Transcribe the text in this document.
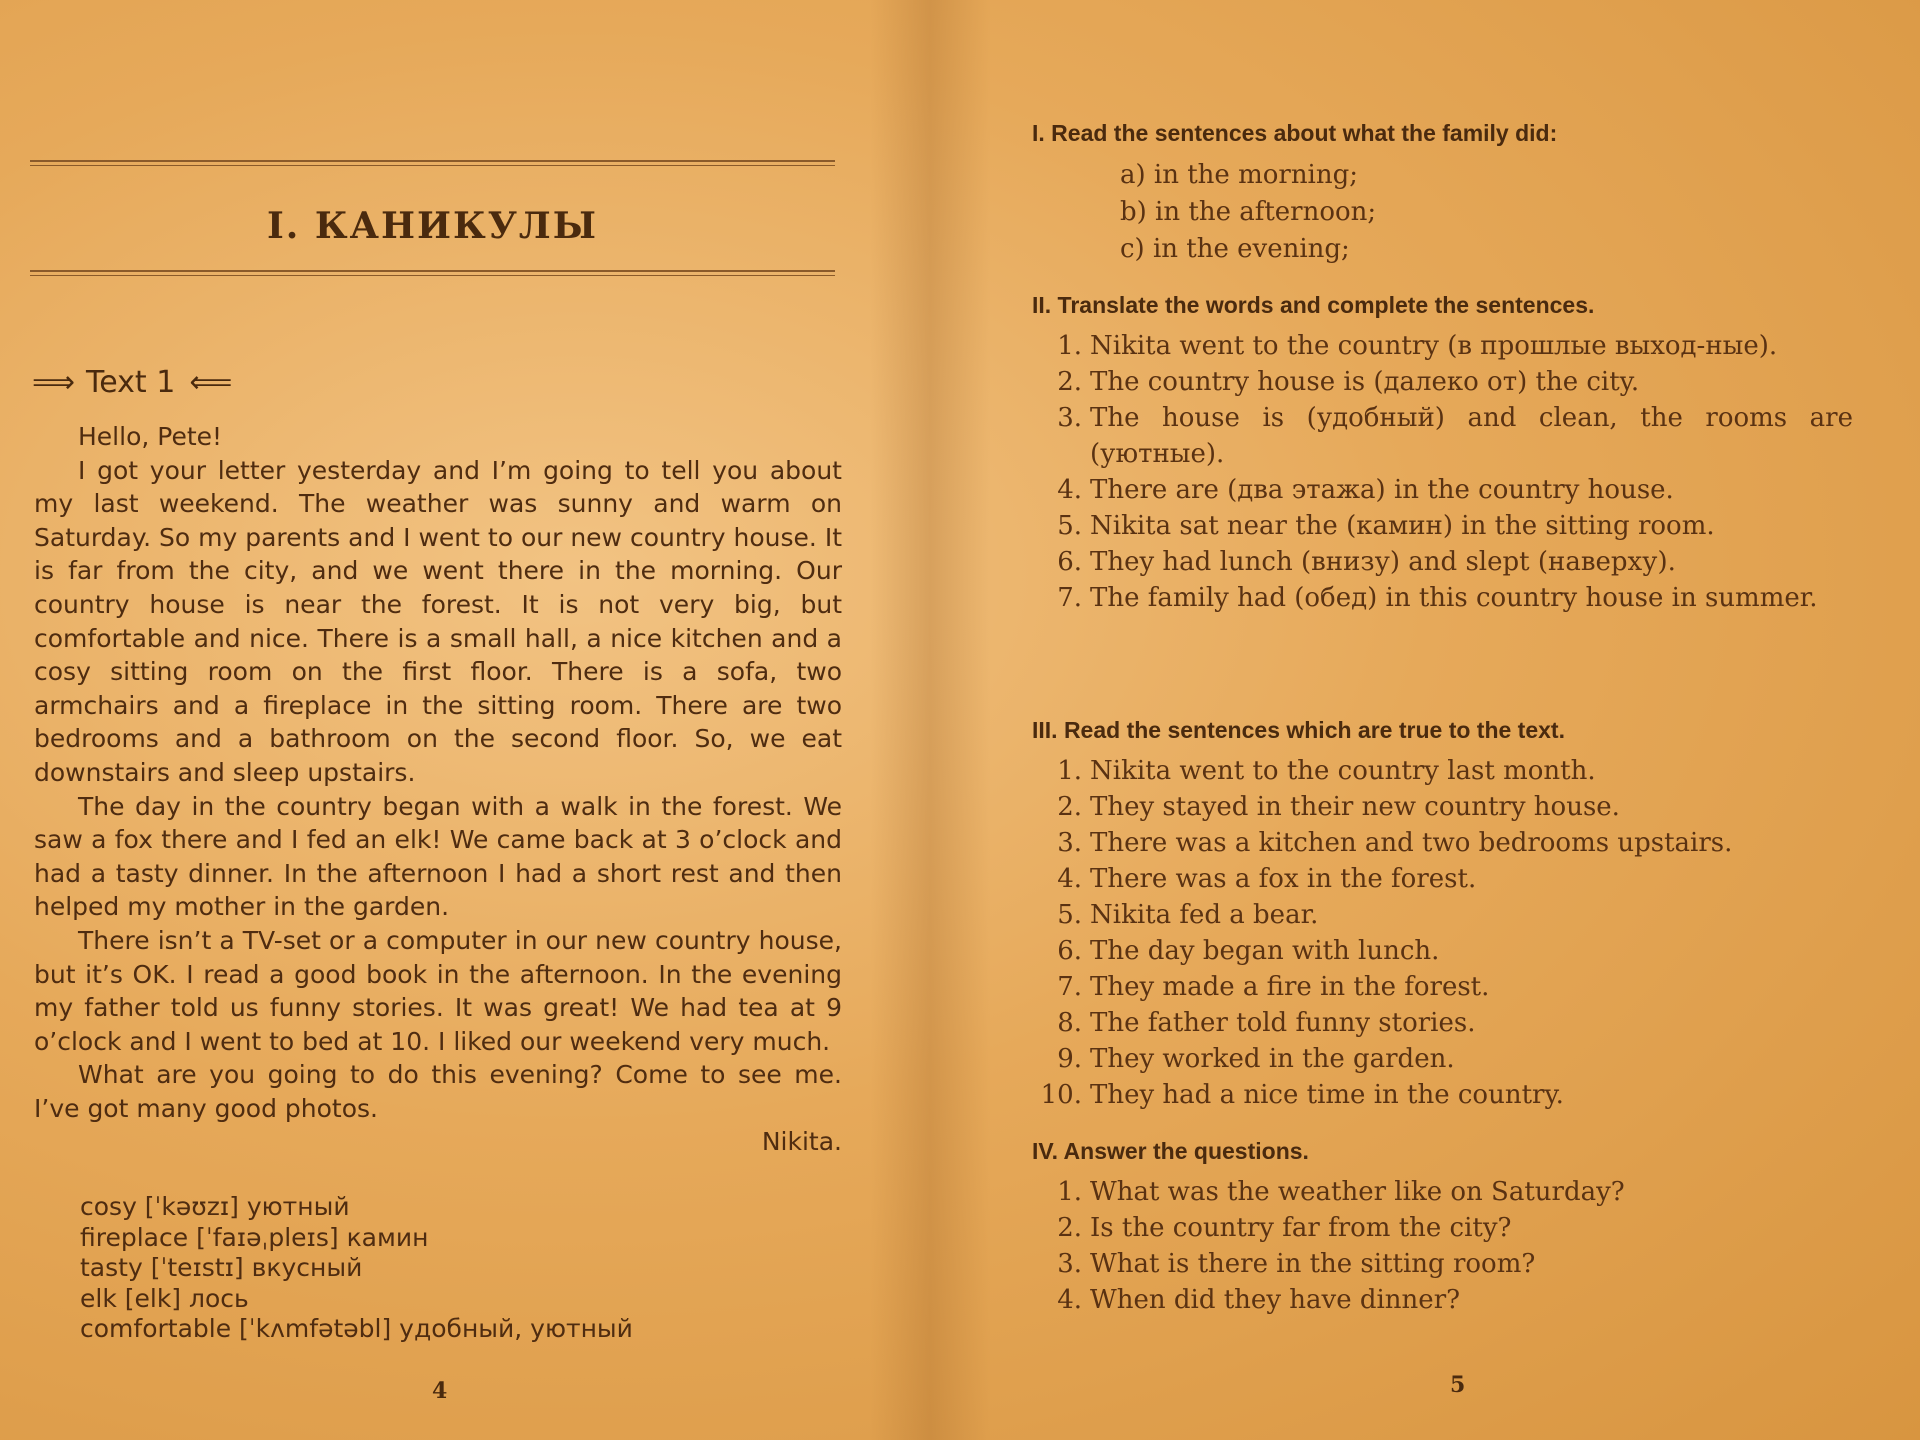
I. КАНИКУЛЫ
⟹ Text 1 ⟸

Hello, Pete!

I got your letter yesterday and I’m going to tell you about my last weekend. The weather was sunny and warm on Saturday. So my parents and I went to our new country house. It is far from the city, and we went there in the morning. Our country house is near the forest. It is not very big, but comfortable and nice. There is a small hall, a nice kitchen and a cosy sitting room on the first floor. There is a sofa, two armchairs and a fireplace in the sitting room. There are two bedrooms and a bathroom on the second floor. So, we eat downstairs and sleep upstairs.

The day in the country began with a walk in the forest. We saw a fox there and I fed an elk! We came back at 3 o’clock and had a tasty dinner. In the afternoon I had a short rest and then helped my mother in the garden.

There isn’t a TV-set or a computer in our new country house, but it’s OK. I read a good book in the afternoon. In the evening my father told us funny stories. It was great! We had tea at 9 o’clock and I went to bed at 10. I liked our weekend very much.

What are you going to do this evening? Come to see me. I’ve got many good photos.

Nikita.

cosy [ˈkəʊzɪ] уютный
fireplace [ˈfaɪəˌpleɪs] камин
tasty [ˈteɪstɪ] вкусный
elk [elk] лось
comfortable [ˈkʌmfətəbl] удобный, уютный
4
I. Read the sentences about what the family did:
a) in the morning;
b) in the afternoon;
c) in the evening;
II. Translate the words and complete the sentences.
1. Nikita went to the country (в прошлые выход-ные).
2. The country house is (далеко от) the city.
3. The house is (удобный) and clean, the rooms are (уютные).
4. There are (два этажа) in the country house.
5. Nikita sat near the (камин) in the sitting room.
6. They had lunch (внизу) and slept (наверху).
7. The family had (обед) in this country house in summer.
III. Read the sentences which are true to the text.
1. Nikita went to the country last month.
2. They stayed in their new country house.
3. There was a kitchen and two bedrooms upstairs.
4. There was a fox in the forest.
5. Nikita fed a bear.
6. The day began with lunch.
7. They made a fire in the forest.
8. The father told funny stories.
9. They worked in the garden.
10. They had a nice time in the country.
IV. Answer the questions.
1. What was the weather like on Saturday?
2. Is the country far from the city?
3. What is there in the sitting room?
4. When did they have dinner?
5
